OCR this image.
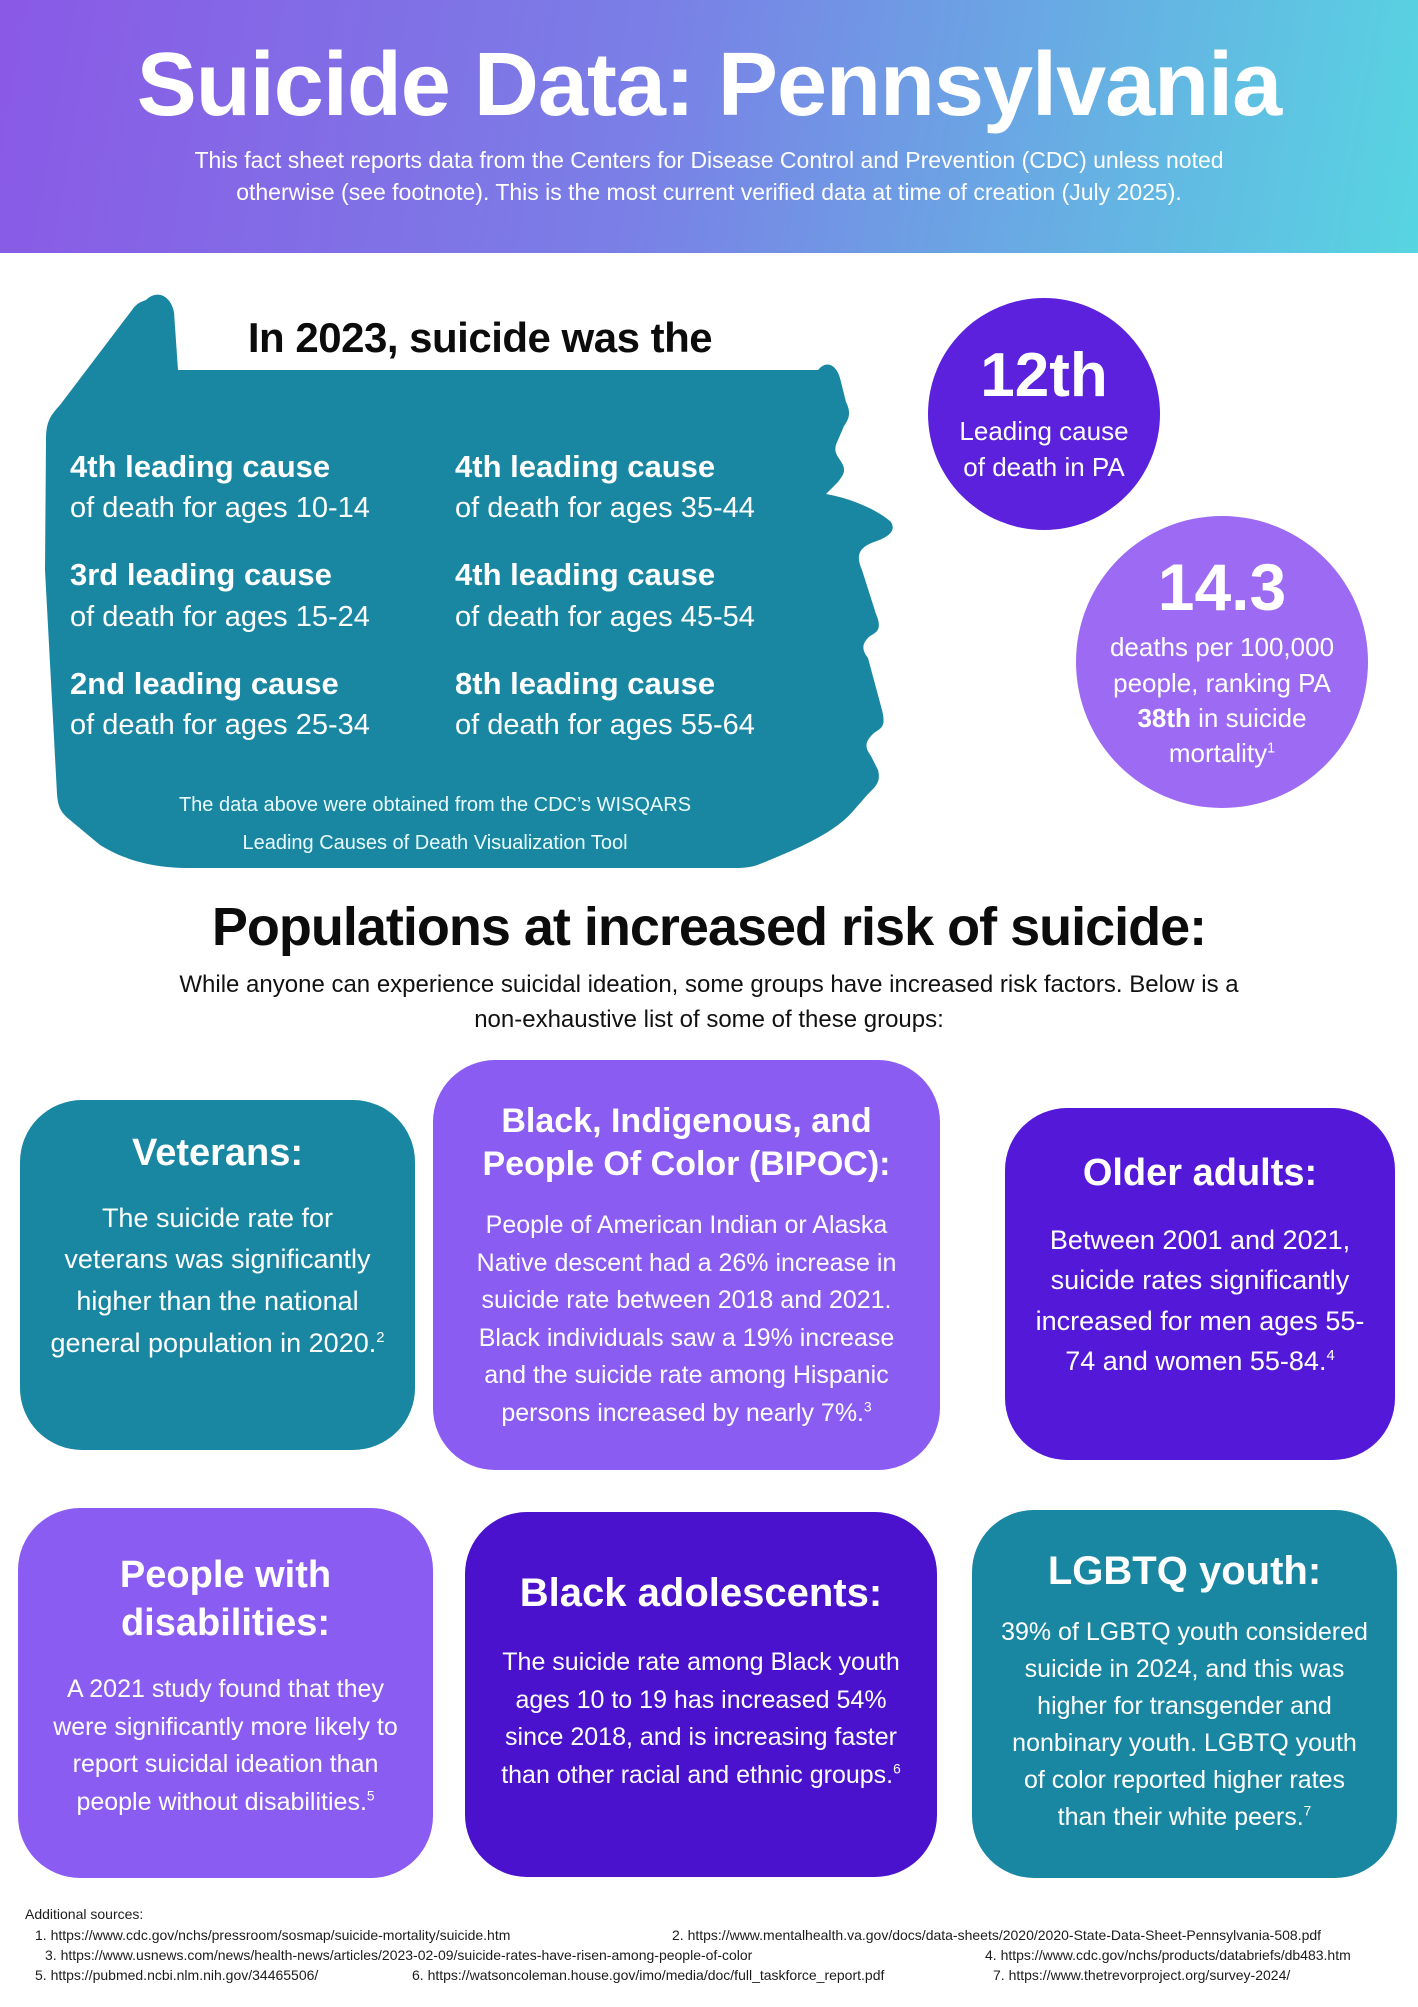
Suicide Data: Pennsylvania
This fact sheet reports data from the Centers for Disease Control and Prevention (CDC) unless noted
otherwise (see footnote). This is the most current verified data at time of creation (July 2025).
In 2023, suicide was the

4th leading cause

of death for ages 10-14

4th leading cause

of death for ages 35-44

3rd leading cause

of death for ages 15-24

4th leading cause

of death for ages 45-54

2nd leading cause

of death for ages 25-34

8th leading cause

of death for ages 55-64

The data above were obtained from the CDC’s WISQARS
Leading Causes of Death Visualization Tool
12th
Leading cause
of death in PA
14.3

deaths per 100,000 people, ranking PA 38th in suicide mortality$^1$

Populations at increased risk of suicide:
While anyone can experience suicidal ideation, some groups have increased risk factors. Below is a
non-exhaustive list of some of these groups:
Veterans:

The suicide rate for veterans was significantly higher than the national general population in 2020.$^2$

Black, Indigenous, and People Of Color (BIPOC):

People of American Indian or Alaska Native descent had a 26% increase in suicide rate between 2018 and 2021. Black individuals saw a 19% increase and the suicide rate among Hispanic persons increased by nearly 7%.$^3$

Older adults:

Between 2001 and 2021, suicide rates significantly increased for men ages 55-74 and women 55-84.$^4$

People with disabilities:

A 2021 study found that they were significantly more likely to report suicidal ideation than people without disabilities.$^5$

Black adolescents:

The suicide rate among Black youth ages 10 to 19 has increased 54% since 2018, and is increasing faster than other racial and ethnic groups.$^6$

LGBTQ youth:

39% of LGBTQ youth considered suicide in 2024, and this was higher for transgender and nonbinary youth. LGBTQ youth of color reported higher rates than their white peers.$^7$

Additional sources:
1. https://www.cdc.gov/nchs/pressroom/sosmap/suicide-mortality/suicide.htm	2. https://www.mentalhealth.va.gov/docs/data-sheets/2020/2020-State-Data-Sheet-Pennsylvania-508.pdf
3. https://www.usnews.com/news/health-news/articles/2023-02-09/suicide-rates-have-risen-among-people-of-color	4. https://www.cdc.gov/nchs/products/databriefs/db483.htm
5. https://pubmed.ncbi.nlm.nih.gov/34465506/	6. https://watsoncoleman.house.gov/imo/media/doc/full_taskforce_report.pdf	7. https://www.thetrevorproject.org/survey-2024/
